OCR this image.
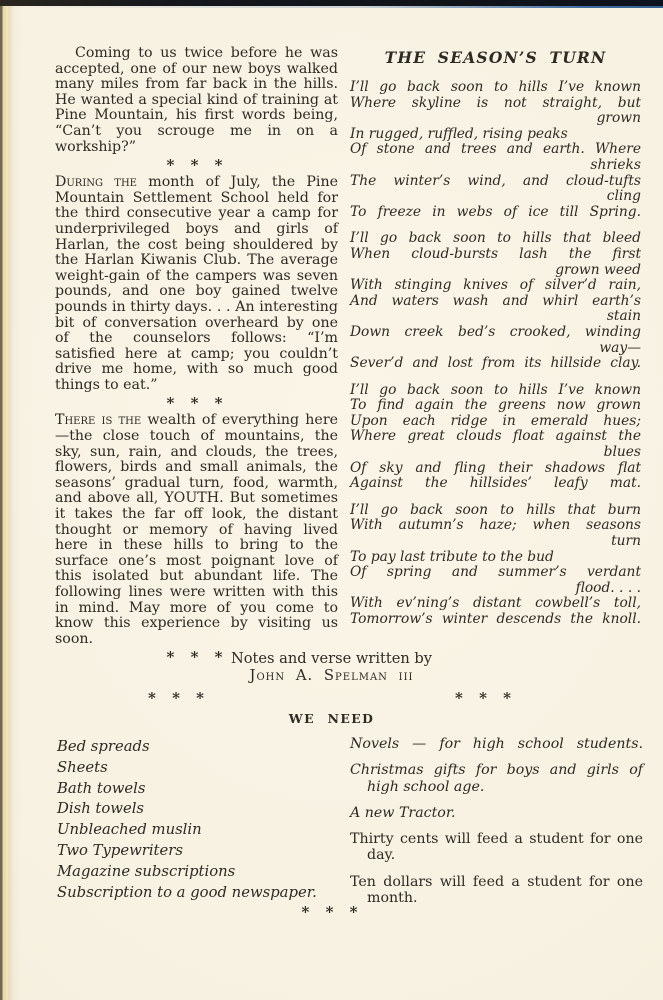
Coming to us twice before he was accepted, one of our new boys walked many miles from far back in the hills. He wanted a special kind of training at Pine Mountain, his first words being, “Can’t you scrouge me in on a workship?”

* * *

During the month of July, the Pine Mountain Settlement School held for the third consecutive year a camp for underprivileged boys and girls of Harlan, the cost being shouldered by the Harlan Kiwanis Club. The average weight-gain of the campers was seven pounds, and one boy gained twelve pounds in thirty days. . . An interesting bit of conversation overheard by one of the counselors follows: “I’m satisfied here at camp; you couldn’t drive me home, with so much good things to eat.”

* * *

There is the wealth of everything here—the close touch of mountains, the sky, sun, rain, and clouds, the trees, flowers, birds and small animals, the seasons’ gradual turn, food, warmth, and above all, YOUTH. But sometimes it takes the far off look, the distant thought or memory of having lived here in these hills to bring to the surface one’s most poignant love of this isolated but abundant life. The following lines were written with this in mind. May more of you come to know this experience by visiting us soon.

* * *
THE SEASON’S TURN
I’ll go back soon to hills I’ve known
Where skyline is not straight, but
grown
In rugged, ruffled, rising peaks
Of stone and trees and earth. Where
shrieks
The winter’s wind, and cloud-tufts
cling
To freeze in webs of ice till Spring.
I’ll go back soon to hills that bleed
When cloud-bursts lash the first
grown weed
With stinging knives of silver’d rain,
And waters wash and whirl earth’s
stain
Down creek bed’s crooked, winding
way—
Sever’d and lost from its hillside clay.
I’ll go back soon to hills I’ve known
To find again the greens now grown
Upon each ridge in emerald hues;
Where great clouds float against the
blues
Of sky and fling their shadows flat
Against the hillsides’ leafy mat.
I’ll go back soon to hills that burn
With autumn’s haze; when seasons
turn
To pay last tribute to the bud
Of spring and summer’s verdant
flood. . . .
With ev’ning’s distant cowbell’s toll,
Tomorrow’s winter descends the knoll.
Notes and verse written by
John A. Spelman iii
* * *	* * *
WE NEED
Bed spreads
Sheets
Bath towels
Dish towels
Unbleached muslin
Two Typewriters
Magazine subscriptions
Subscription to a good newspaper.
Novels — for high school students.
Christmas gifts for boys and girls of high school age.
A new Tractor.
Thirty cents will feed a student for one day.
Ten dollars will feed a student for one month.
* * *
